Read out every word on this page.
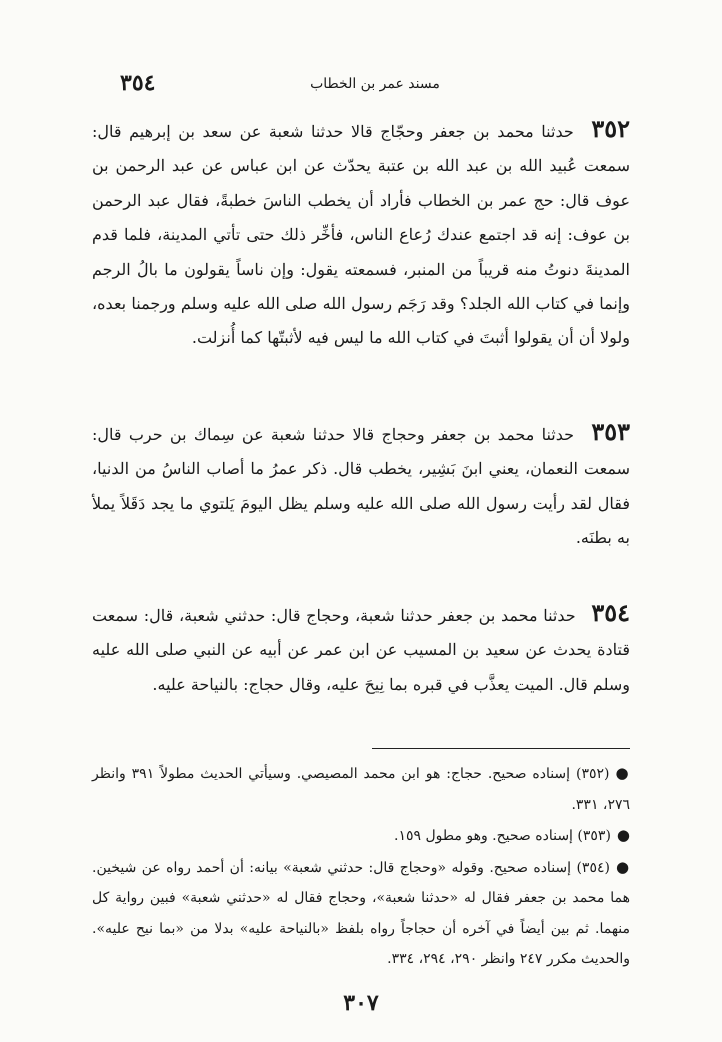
مسند عمر بن الخطاب
٣٥٤
٣٥٢ حدثنا محمد بن جعفر وحجّاج قالا حدثنا شعبة عن سعد بن إبرهيم قال: سمعت عُبيد الله بن عبد الله بن عتبة يحدّث عن ابن عباس عن عبد الرحمن بن عوف قال: حج عمر بن الخطاب فأراد أن يخطب الناسَ خطبةً، فقال عبد الرحمن بن عوف: إنه قد اجتمع عندك رُعاع الناس، فأخِّر ذلك حتى تأتي المدينة، فلما قدم المدينةَ دنوتُ منه قريباً من المنبر، فسمعته يقول: وإن ناساً يقولون ما بالُ الرجم وإنما في كتاب الله الجلد؟ وقد رَجَم رسول الله صلى الله عليه وسلم ورجمنا بعده، ولولا أن أن يقولوا أثبتَ في كتاب الله ما ليس فيه لأثبتّها كما أُنزلت.
٣٥٣ حدثنا محمد بن جعفر وحجاج قالا حدثنا شعبة عن سِماك بن حرب قال: سمعت النعمان، يعني ابنَ بَشِير، يخطب قال. ذكر عمرُ ما أصاب الناسُ من الدنيا، فقال لقد رأيت رسول الله صلى الله عليه وسلم يظل اليومَ يَلتوي ما يجد دَقَلاً يملأ به بطنَه.
٣٥٤ حدثنا محمد بن جعفر حدثنا شعبة، وحجاج قال: حدثني شعبة، قال: سمعت قتادة يحدث عن سعيد بن المسيب عن ابن عمر عن أبيه عن النبي صلى الله عليه وسلم قال. الميت يعذَّب في قبره بما نِيحَ عليه، وقال حجاج: بالنياحة عليه.

●(٣٥٢) إسناده صحيح. حجاج: هو ابن محمد المصيصي. وسيأتي الحديث مطولاً ٣٩١ وانظر ٢٧٦، ٣٣١.

●(٣٥٣) إسناده صحيح. وهو مطول ١٥٩.

●(٣٥٤) إسناده صحيح. وقوله «وحجاج قال: حدثني شعبة» بيانه: أن أحمد رواه عن شيخين. هما محمد بن جعفر فقال له «حدثنا شعبة»، وحجاج فقال له «حدثني شعبة» فبين رواية كل منهما. ثم بين أيضاً في آخره أن حجاجاً رواه بلفظ «بالنياحة عليه» بدلا من «بما نيح عليه». والحديث مكرر ٢٤٧ وانظر ٢٩٠، ٢٩٤، ٣٣٤.

٣٠٧
